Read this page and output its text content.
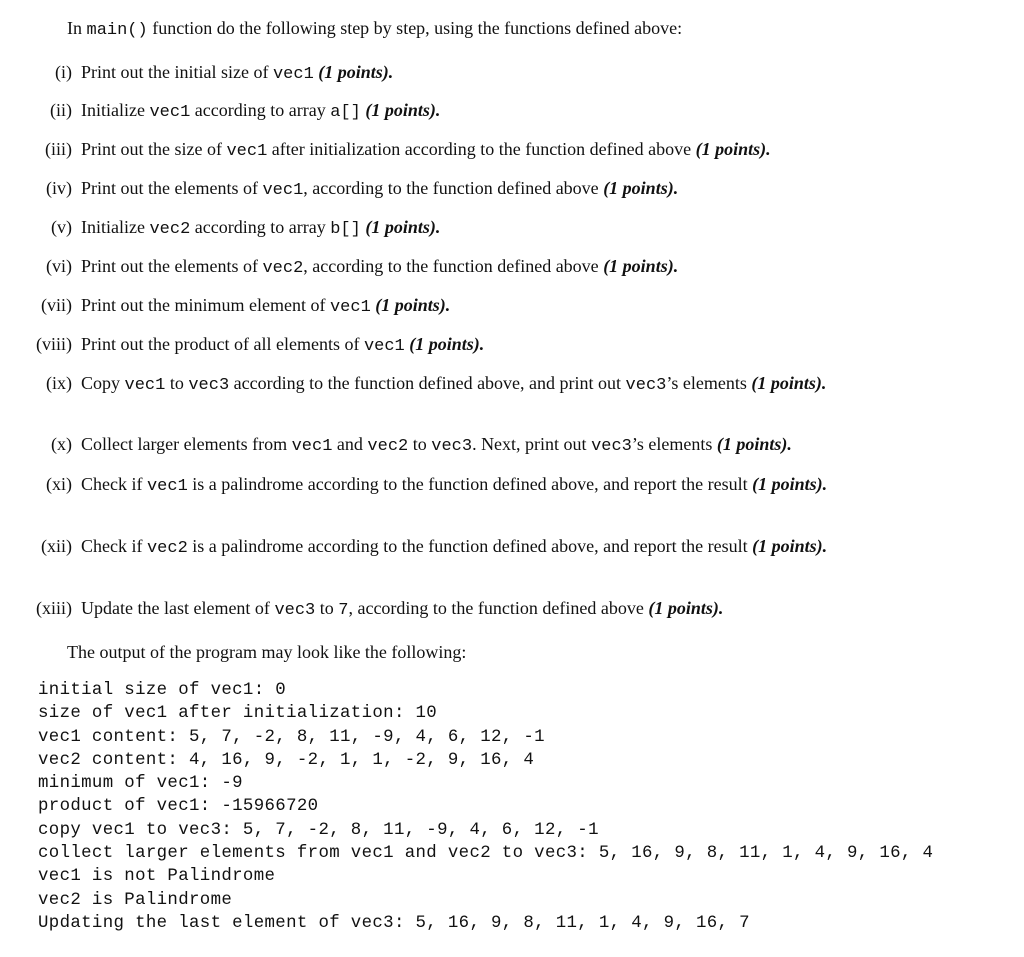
In main() function do the following step by step, using the functions defined above:
(i) Print out the initial size of vec1 (1 points).
(ii) Initialize vec1 according to array a[] (1 points).
(iii) Print out the size of vec1 after initialization according to the function defined above (1 points).
(iv) Print out the elements of vec1, according to the function defined above (1 points).
(v) Initialize vec2 according to array b[] (1 points).
(vi) Print out the elements of vec2, according to the function defined above (1 points).
(vii) Print out the minimum element of vec1 (1 points).
(viii) Print out the product of all elements of vec1 (1 points).
(ix) Copy vec1 to vec3 according to the function defined above, and print out vec3’s elements (1 points).
(x) Collect larger elements from vec1 and vec2 to vec3. Next, print out vec3’s elements (1 points).
(xi) Check if vec1 is a palindrome according to the function defined above, and report the result (1 points).
(xii) Check if vec2 is a palindrome according to the function defined above, and report the result (1 points).
(xiii) Update the last element of vec3 to 7, according to the function defined above (1 points).
The output of the program may look like the following:
initial size of vec1: 0
size of vec1 after initialization: 10
vec1 content: 5, 7, -2, 8, 11, -9, 4, 6, 12, -1
vec2 content: 4, 16, 9, -2, 1, 1, -2, 9, 16, 4
minimum of vec1: -9
product of vec1: -15966720
copy vec1 to vec3: 5, 7, -2, 8, 11, -9, 4, 6, 12, -1
collect larger elements from vec1 and vec2 to vec3: 5, 16, 9, 8, 11, 1, 4, 9, 16, 4
vec1 is not Palindrome
vec2 is Palindrome
Updating the last element of vec3: 5, 16, 9, 8, 11, 1, 4, 9, 16, 7
